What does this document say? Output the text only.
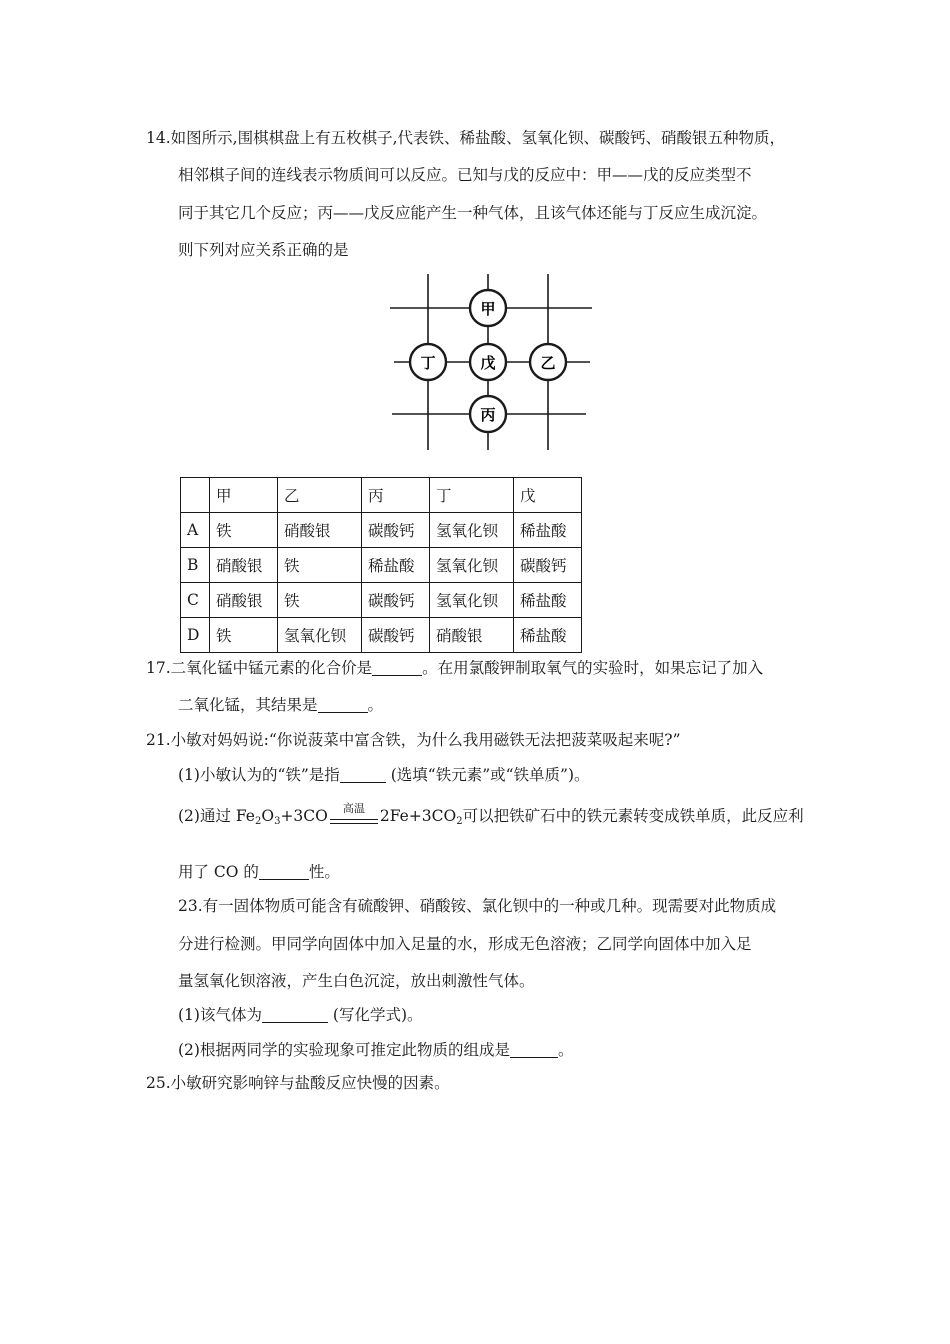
14.如图所示,围棋棋盘上有五枚棋子,代表铁、稀盐酸、氢氧化钡、碳酸钙、硝酸银五种物质，
相邻棋子间的连线表示物质间可以反应。已知与戊的反应中：甲——戊的反应类型不
同于其它几个反应；丙——戊反应能产生一种气体，且该气体还能与丁反应生成沉淀。
则下列对应关系正确的是
甲
丁	戊	乙
丙
	甲	乙	丙	丁	戊
A	铁	硝酸银	碳酸钙	氢氧化钡	稀盐酸
B	硝酸银	铁	稀盐酸	氢氧化钡	碳酸钙
C	硝酸银	铁	碳酸钙	氢氧化钡	稀盐酸
D	铁	氢氧化钡	碳酸钙	硝酸银	稀盐酸
17.二氧化锰中锰元素的化合价是	。在用氯酸钾制取氧气的实验时，如果忘记了加入
二氧化锰，其结果是	。
21.小敏对妈妈说:“你说菠菜中富含铁，为什么我用磁铁无法把菠菜吸起来呢?”
(1)小敏认为的“铁”是指	(选填“铁元素”或“铁单质”)。
(2)通过 $Fe_2O_3+3CO$	高温 $2Fe+3CO_2$可以把铁矿石中的铁元素转变成铁单质，此反应利
用了 CO 的	性。
23.有一固体物质可能含有硫酸钾、硝酸铵、氯化钡中的一种或几种。现需要对此物质成
分进行检测。甲同学向固体中加入足量的水，形成无色溶液；乙同学向固体中加入足
量氢氧化钡溶液，产生白色沉淀，放出刺激性气体。
(1)该气体为	(写化学式)。
(2)根据两同学的实验现象可推定此物质的组成是	。
25.小敏研究影响锌与盐酸反应快慢的因素。
